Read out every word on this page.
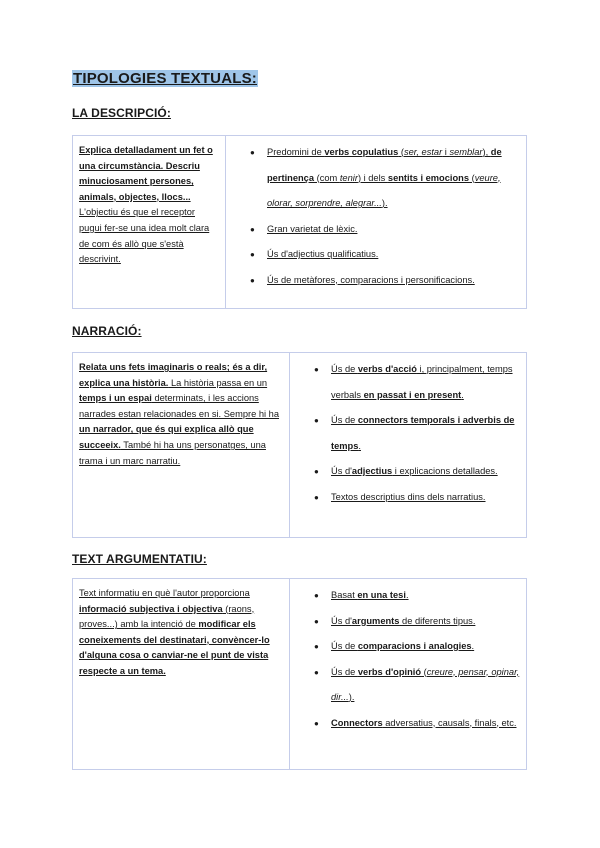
TIPOLOGIES TEXTUALS:
LA DESCRIPCIÓ:

Explica detalladament un fet o una circumstància. Descriu minuciosament persones, animals, objectes, llocs... L'objectiu és que el receptor pugui fer-se una idea molt clara de com és allò que s'està descrivint.

● Predomini de verbs copulatius (ser, estar i semblar), de pertinença (com tenir) i dels sentits i emocions (veure, olorar, sorprendre, alegrar...).
● Gran varietat de lèxic.
● Ús d'adjectius qualificatius.
● Ús de metàfores, comparacions i personificacions.
NARRACIÓ:

Relata uns fets imaginaris o reals; és a dir, explica una història. La història passa en un temps i un espai determinats, i les accions narrades estan relacionades en si. Sempre hi ha un narrador, que és qui explica allò que succeeix. També hi ha uns personatges, una trama i un marc narratiu.

● Ús de verbs d'acció i, principalment, temps verbals en passat i en present.
● Ús de connectors temporals i adverbis de temps.
● Ús d'adjectius i explicacions detallades.
● Textos descriptius dins dels narratius.
TEXT ARGUMENTATIU:

Text informatiu en què l'autor proporciona informació subjectiva i objectiva (raons, proves...) amb la intenció de modificar els coneixements del destinatari, convèncer-lo d'alguna cosa o canviar-ne el punt de vista respecte a un tema.

● Basat en una tesi.
● Ús d'arguments de diferents tipus.
● Ús de comparacions i analogies.
● Ús de verbs d'opinió (creure, pensar, opinar, dir...).
● Connectors adversatius, causals, finals, etc.
